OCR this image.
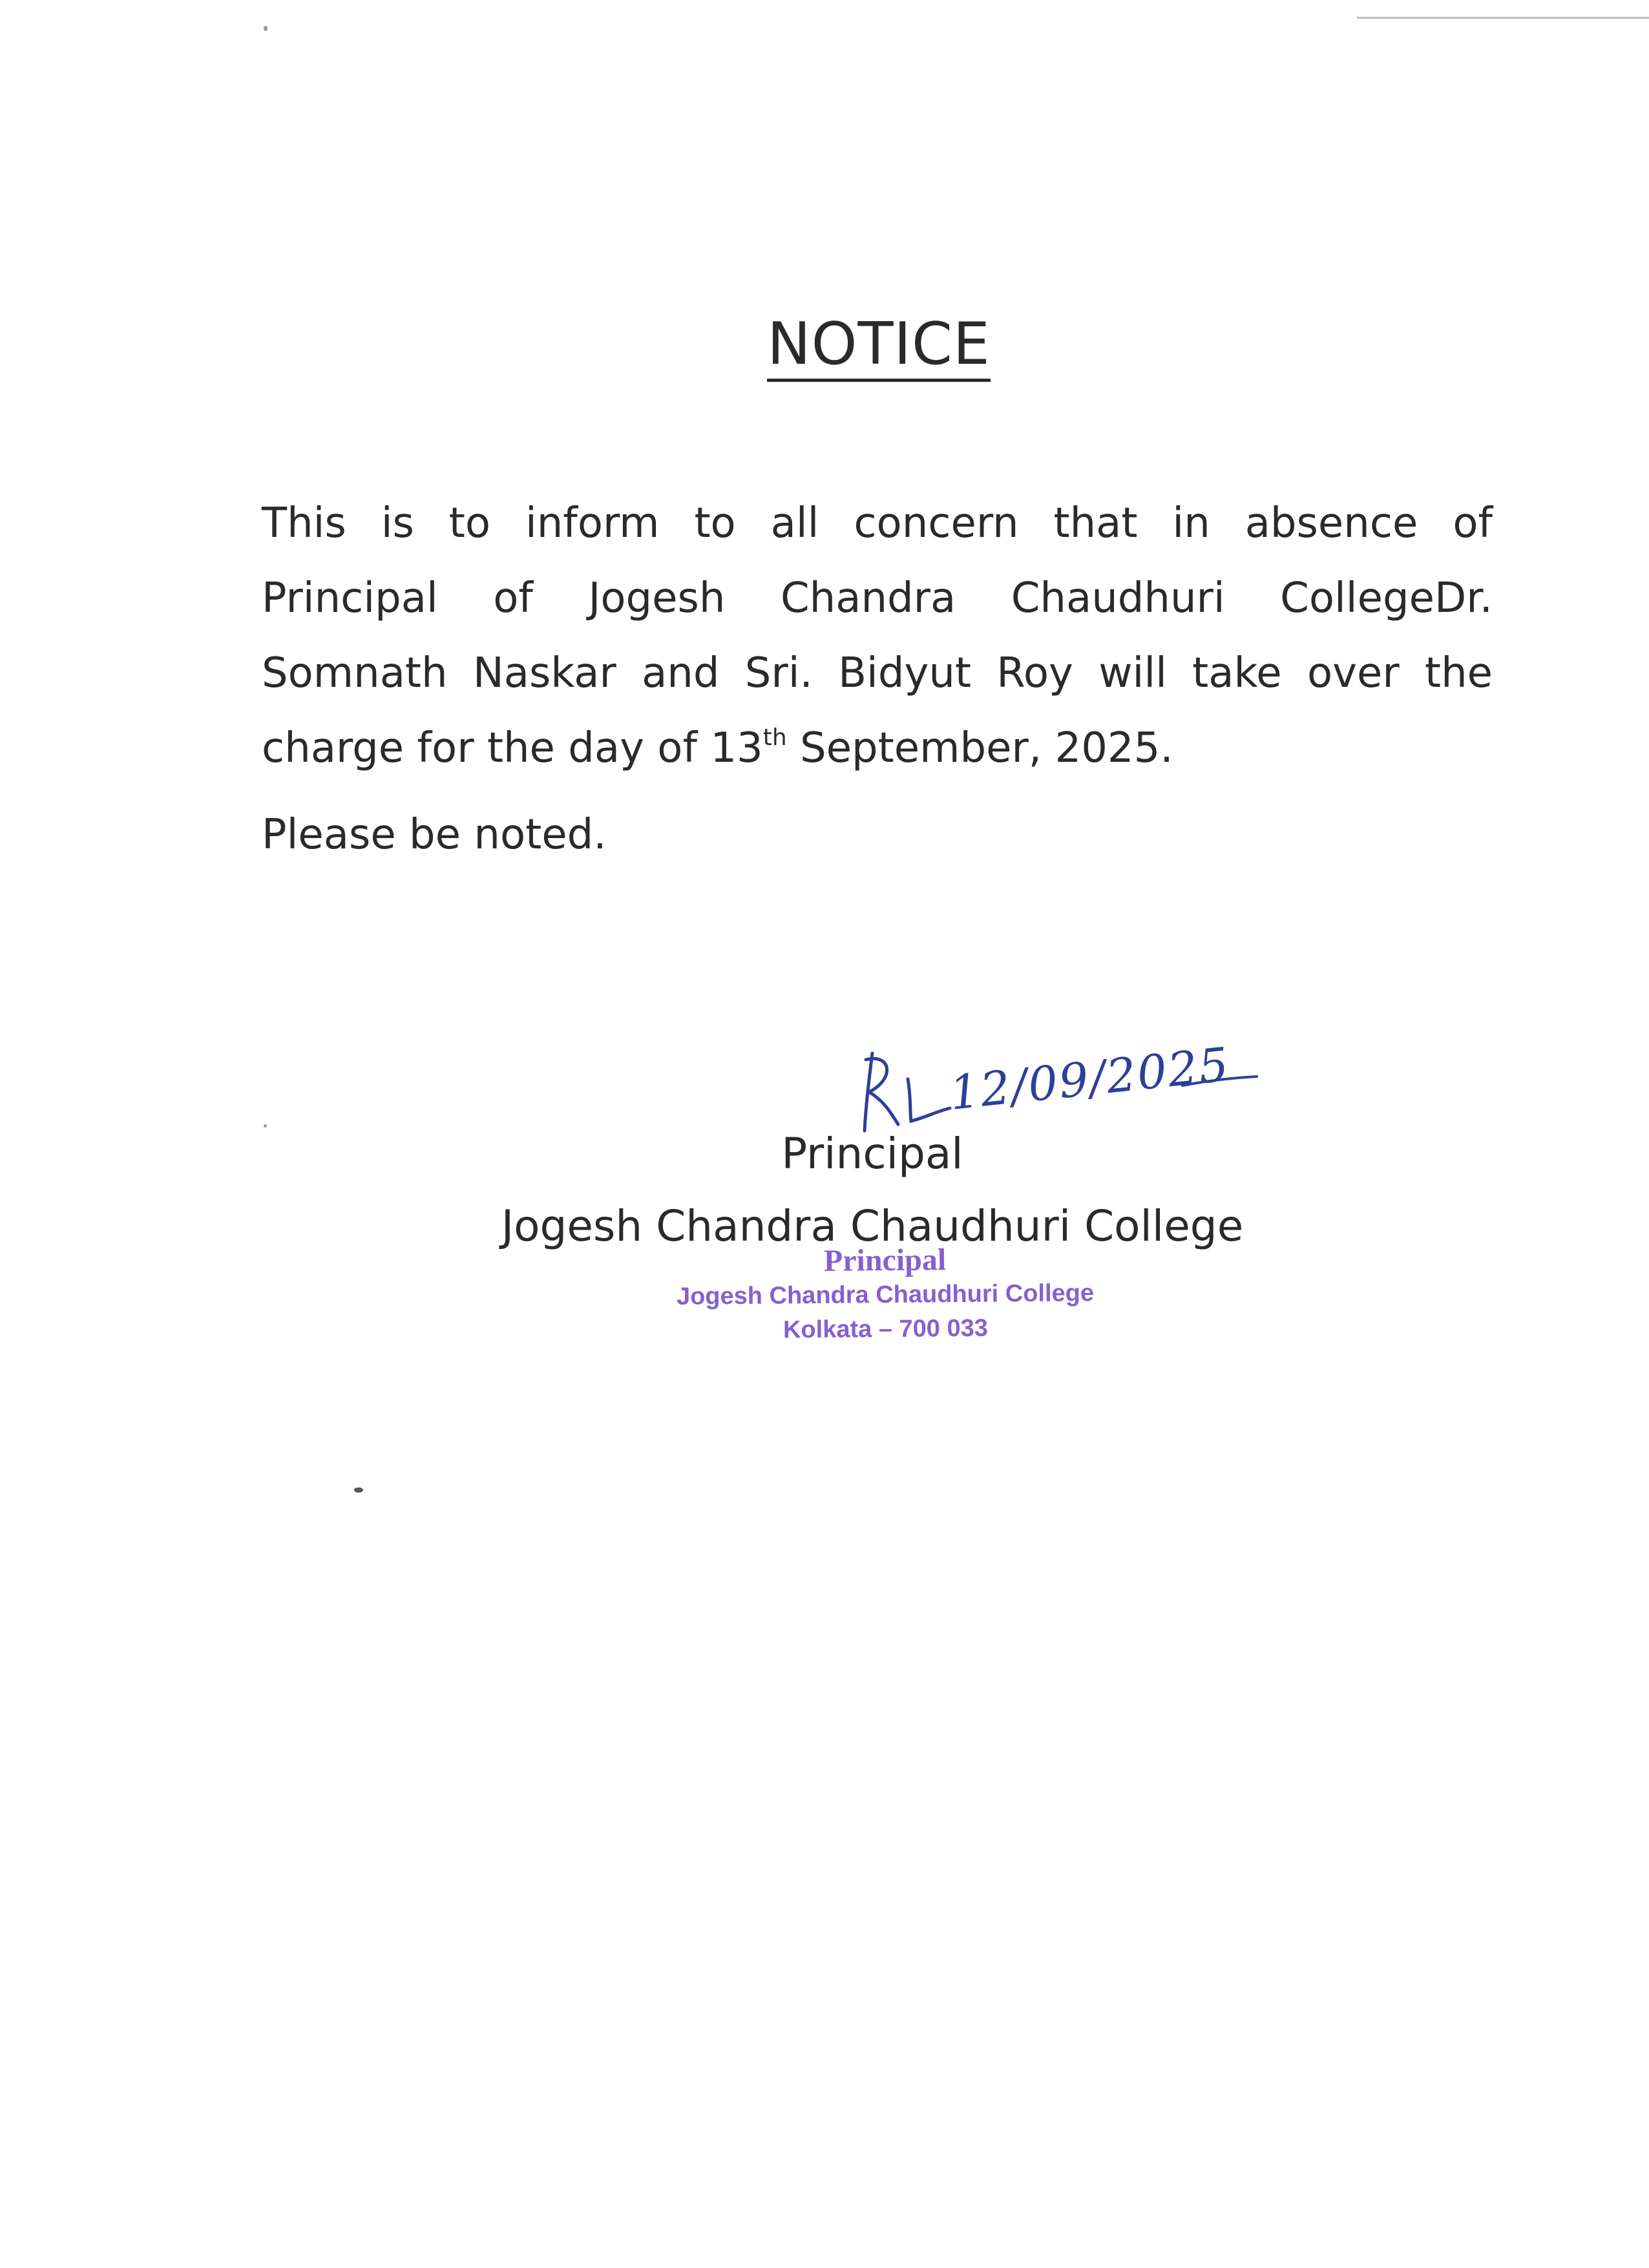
NOTICE
This is to inform to all concern that in absence of
Principal of Jogesh Chandra Chaudhuri CollegeDr.
Somnath Naskar and Sri. Bidyut Roy will take over the
charge for the day of 13th September, 2025.

Please be noted.

12/09/2025
Principal
Jogesh Chandra Chaudhuri College
Principal
Jogesh Chandra Chaudhuri College
Kolkata – 700 033
